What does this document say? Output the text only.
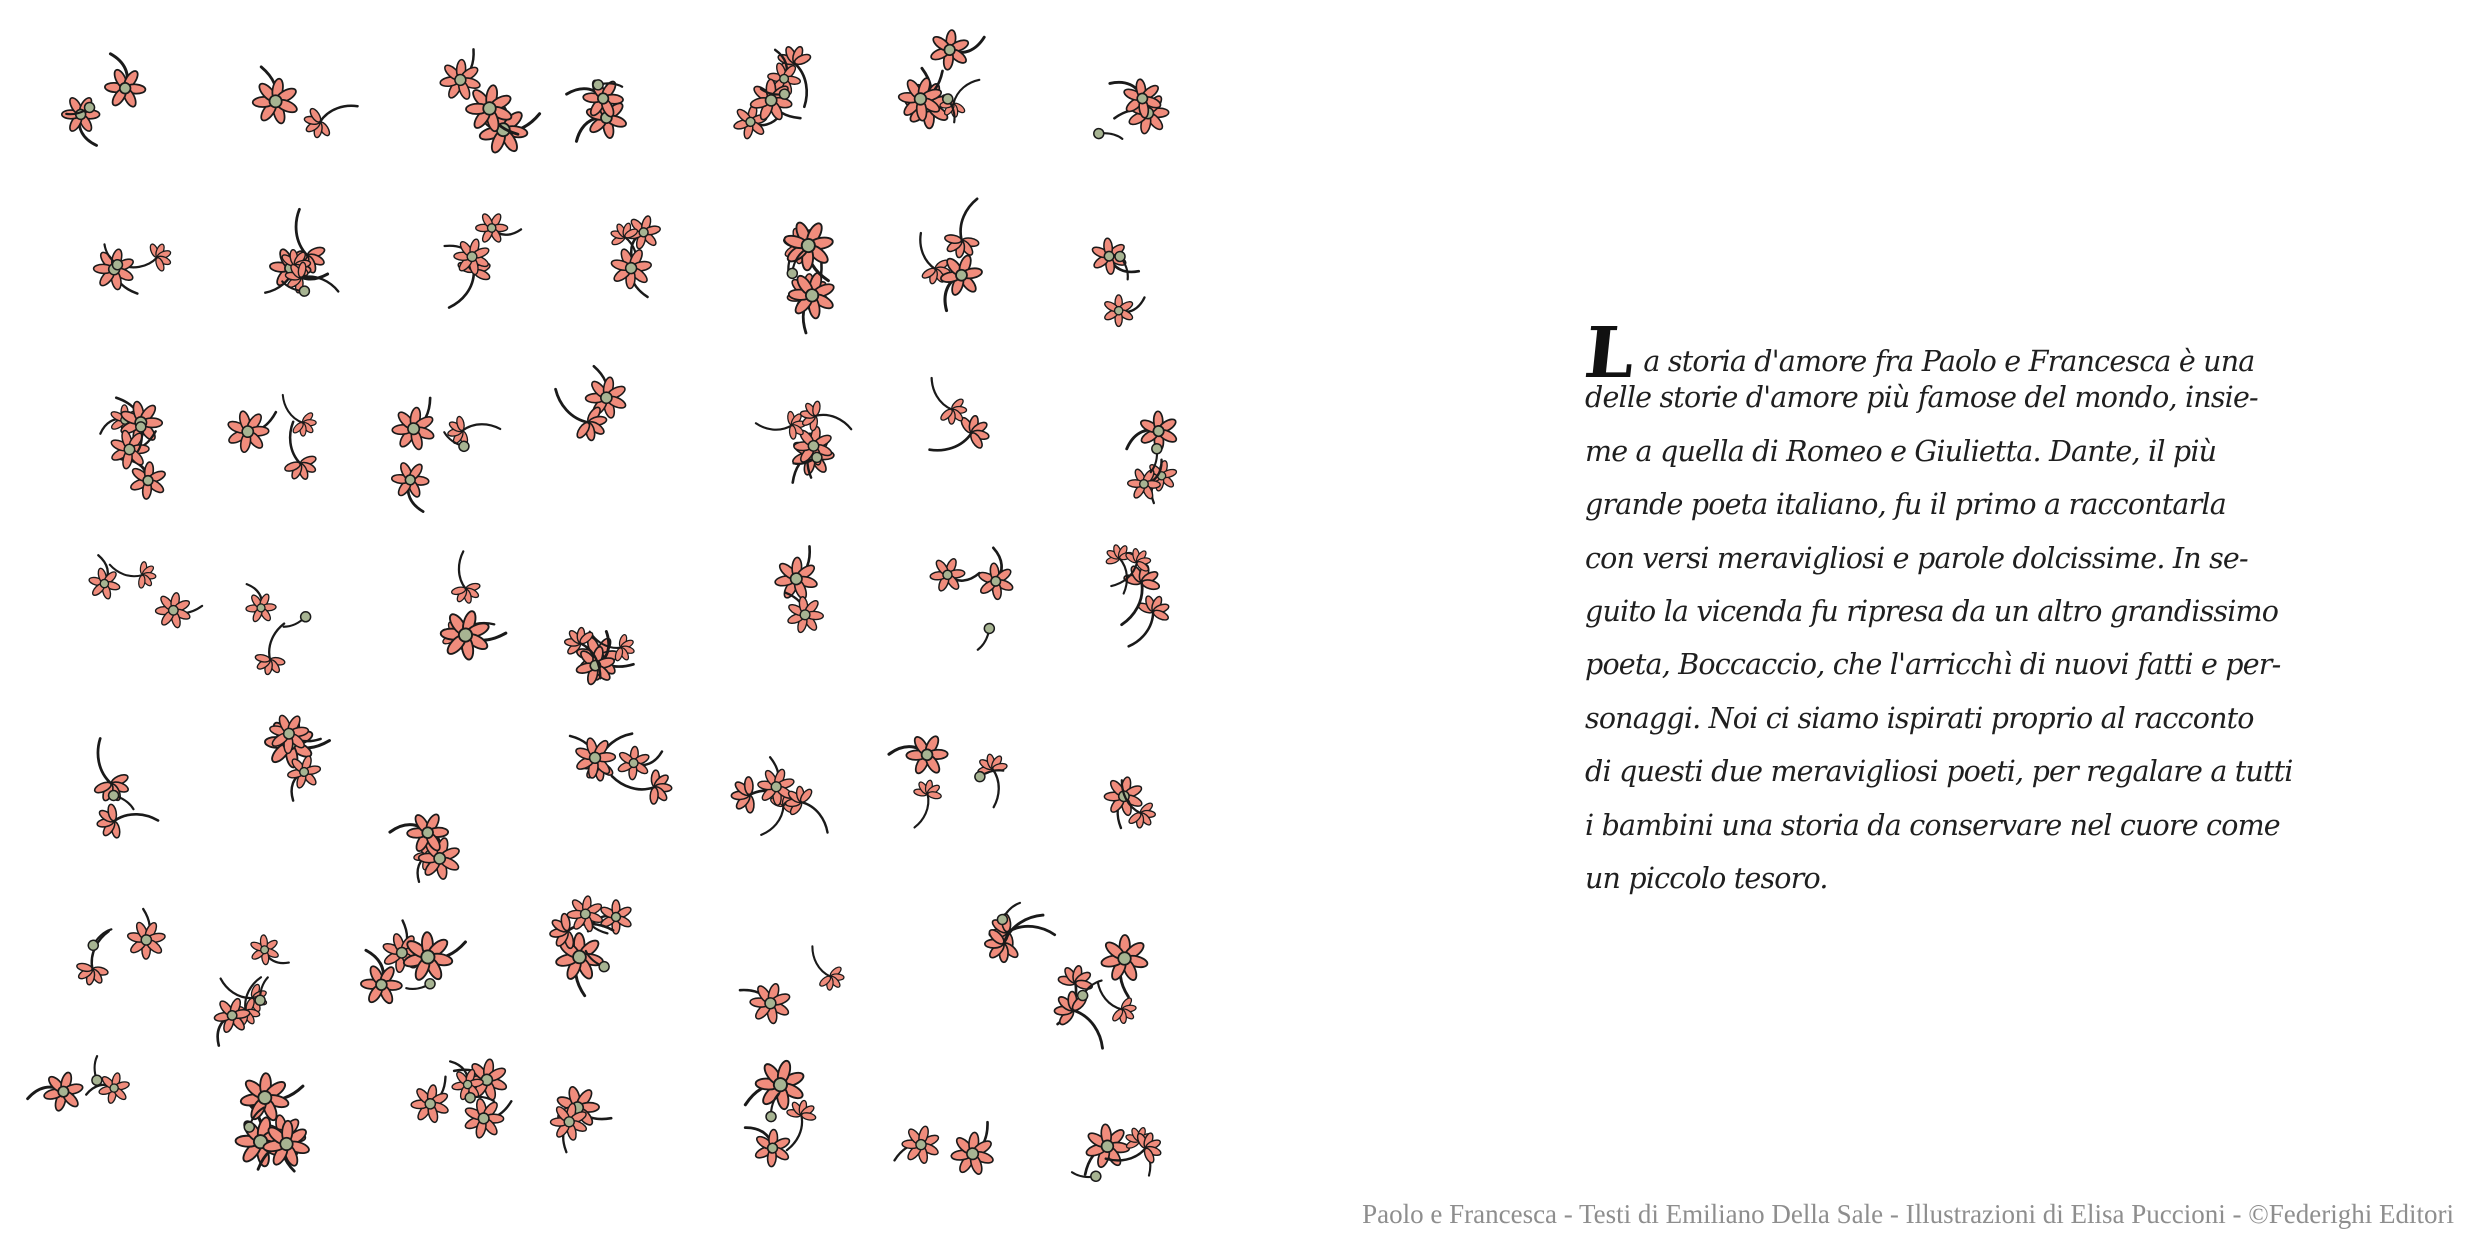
La storia d'amore fra Paolo e Francesca è una
delle storie d'amore più famose del mondo, insie-
me a quella di Romeo e Giulietta. Dante, il più
grande poeta italiano, fu il primo a raccontarla
con versi meravigliosi e parole dolcissime. In se-
guito la vicenda fu ripresa da un altro grandissimo
poeta, Boccaccio, che l'arricchì di nuovi fatti e per-
sonaggi. Noi ci siamo ispirati proprio al racconto
di questi due meravigliosi poeti, per regalare a tutti
i bambini una storia da conservare nel cuore come
un piccolo tesoro.
Paolo e Francesca - Testi di Emiliano Della Sale - Illustrazioni di Elisa Puccioni - ©Federighi Editori
